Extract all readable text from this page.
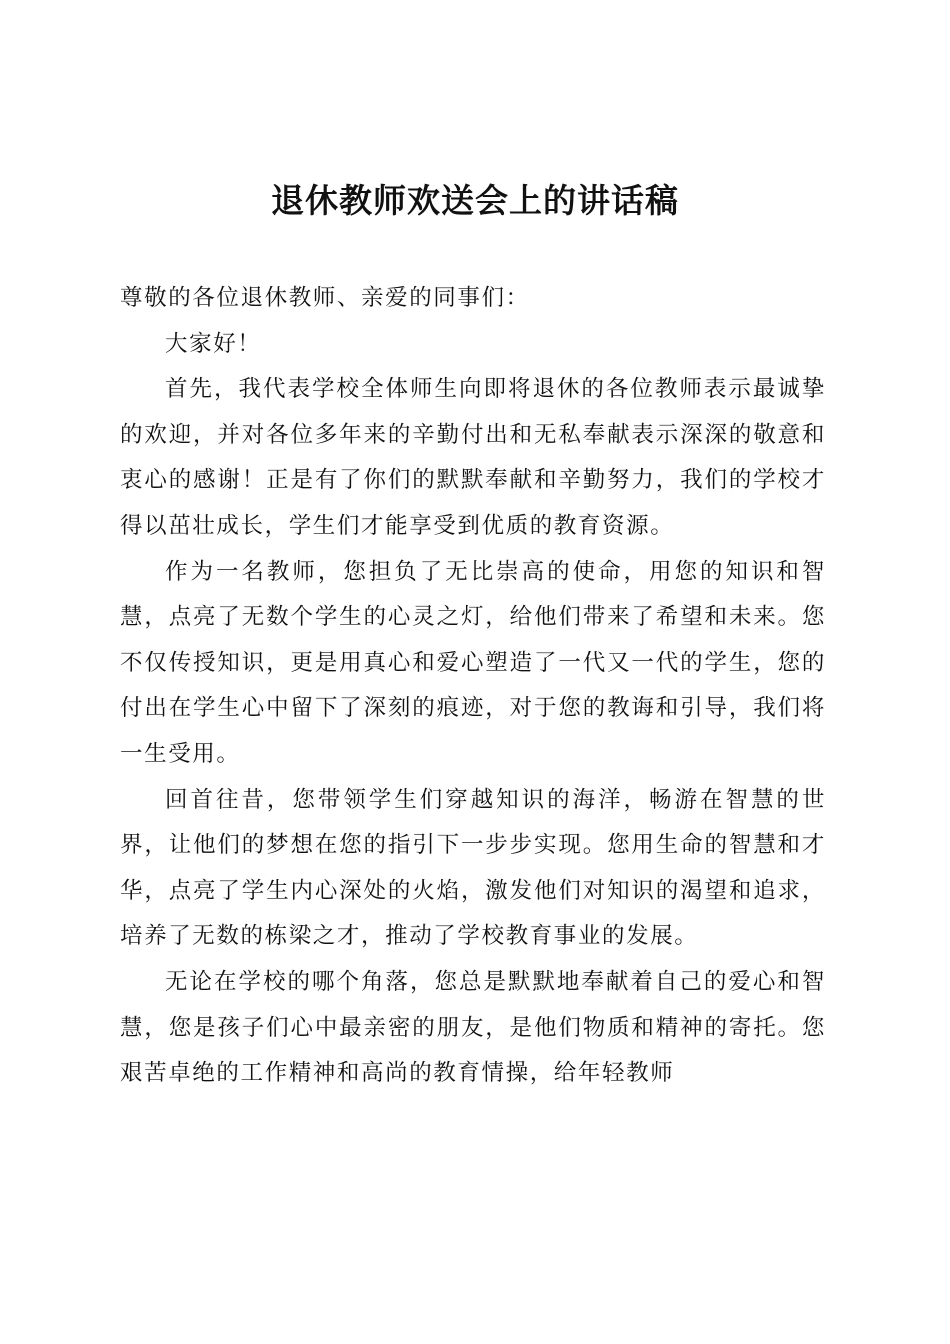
退休教师欢送会上的讲话稿

尊敬的各位退休教师、亲爱的同事们：

大家好！

首先，我代表学校全体师生向即将退休的各位教师表示最诚挚的欢迎，并对各位多年来的辛勤付出和无私奉献表示深深的敬意和衷心的感谢！正是有了你们的默默奉献和辛勤努力，我们的学校才得以茁壮成长，学生们才能享受到优质的教育资源。

作为一名教师，您担负了无比崇高的使命，用您的知识和智慧，点亮了无数个学生的心灵之灯，给他们带来了希望和未来。您不仅传授知识，更是用真心和爱心塑造了一代又一代的学生，您的付出在学生心中留下了深刻的痕迹，对于您的教诲和引导，我们将一生受用。

回首往昔，您带领学生们穿越知识的海洋，畅游在智慧的世界，让他们的梦想在您的指引下一步步实现。您用生命的智慧和才华，点亮了学生内心深处的火焰，激发他们对知识的渴望和追求，培养了无数的栋梁之才，推动了学校教育事业的发展。

无论在学校的哪个角落，您总是默默地奉献着自己的爱心和智慧，您是孩子们心中最亲密的朋友，是他们物质和精神的寄托。您艰苦卓绝的工作精神和高尚的教育情操，给年轻教师
